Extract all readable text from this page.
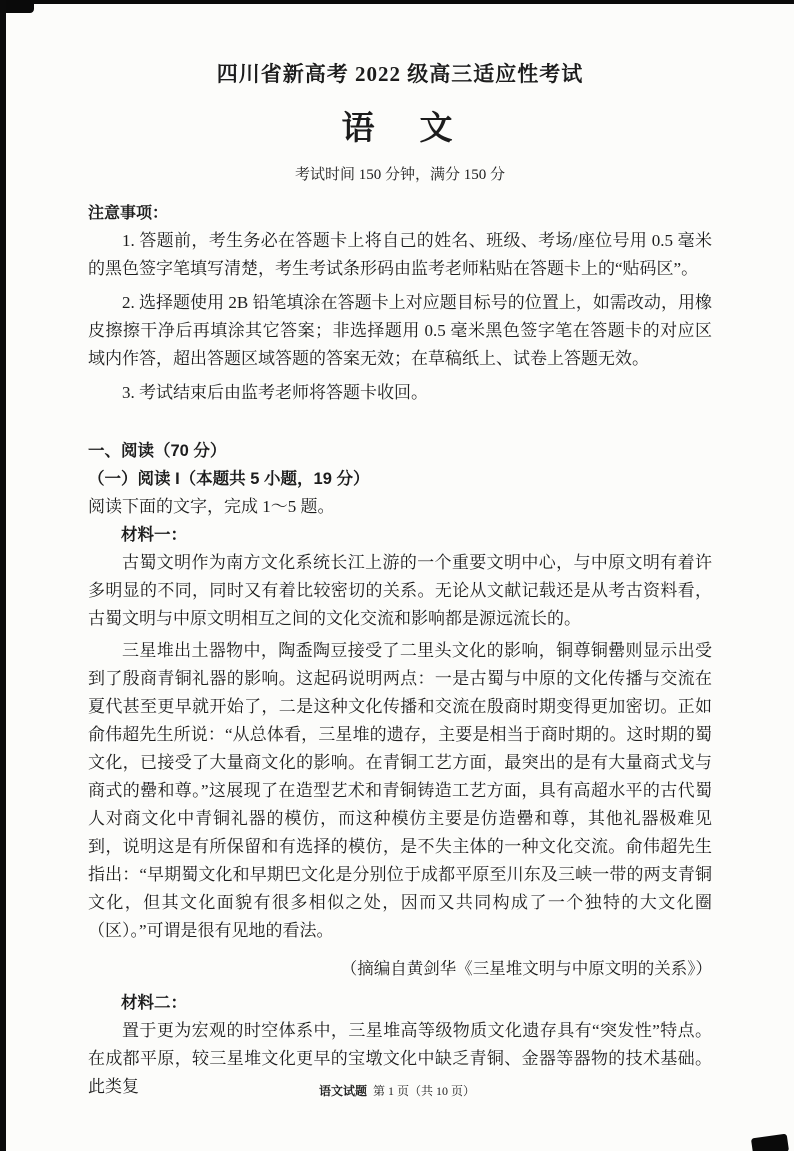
四川省新高考 2022 级高三适应性考试
语　文
考试时间 150 分钟，满分 150 分
注意事项：

1. 答题前，考生务必在答题卡上将自己的姓名、班级、考场/座位号用 0.5 毫米的黑色签字笔填写清楚，考生考试条形码由监考老师粘贴在答题卡上的“贴码区”。

2. 选择题使用 2B 铅笔填涂在答题卡上对应题目标号的位置上，如需改动，用橡皮擦擦干净后再填涂其它答案；非选择题用 0.5 毫米黑色签字笔在答题卡的对应区域内作答，超出答题区域答题的答案无效；在草稿纸上、试卷上答题无效。

3. 考试结束后由监考老师将答题卡收回。

一、阅读（70 分）

（一）阅读 I（本题共 5 小题，19 分）

阅读下面的文字，完成 1～5 题。

材料一：

古蜀文明作为南方文化系统长江上游的一个重要文明中心，与中原文明有着许多明显的不同，同时又有着比较密切的关系。无论从文献记载还是从考古资料看，古蜀文明与中原文明相互之间的文化交流和影响都是源远流长的。

三星堆出土器物中，陶盉陶豆接受了二里头文化的影响，铜尊铜罍则显示出受到了殷商青铜礼器的影响。这起码说明两点：一是古蜀与中原的文化传播与交流在夏代甚至更早就开始了，二是这种文化传播和交流在殷商时期变得更加密切。正如俞伟超先生所说：“从总体看，三星堆的遗存，主要是相当于商时期的。这时期的蜀文化，已接受了大量商文化的影响。在青铜工艺方面，最突出的是有大量商式戈与商式的罍和尊。”这展现了在造型艺术和青铜铸造工艺方面，具有高超水平的古代蜀人对商文化中青铜礼器的模仿，而这种模仿主要是仿造罍和尊，其他礼器极难见到，说明这是有所保留和有选择的模仿，是不失主体的一种文化交流。俞伟超先生指出：“早期蜀文化和早期巴文化是分别位于成都平原至川东及三峡一带的两支青铜文化，但其文化面貌有很多相似之处，因而又共同构成了一个独特的大文化圈（区）。”可谓是很有见地的看法。

（摘编自黄剑华《三星堆文明与中原文明的关系》）

材料二：

置于更为宏观的时空体系中，三星堆高等级物质文化遗存具有“突发性”特点。在成都平原，较三星堆文化更早的宝墩文化中缺乏青铜、金器等器物的技术基础。此类复	语文试题 第 1 页（共 10 页）
